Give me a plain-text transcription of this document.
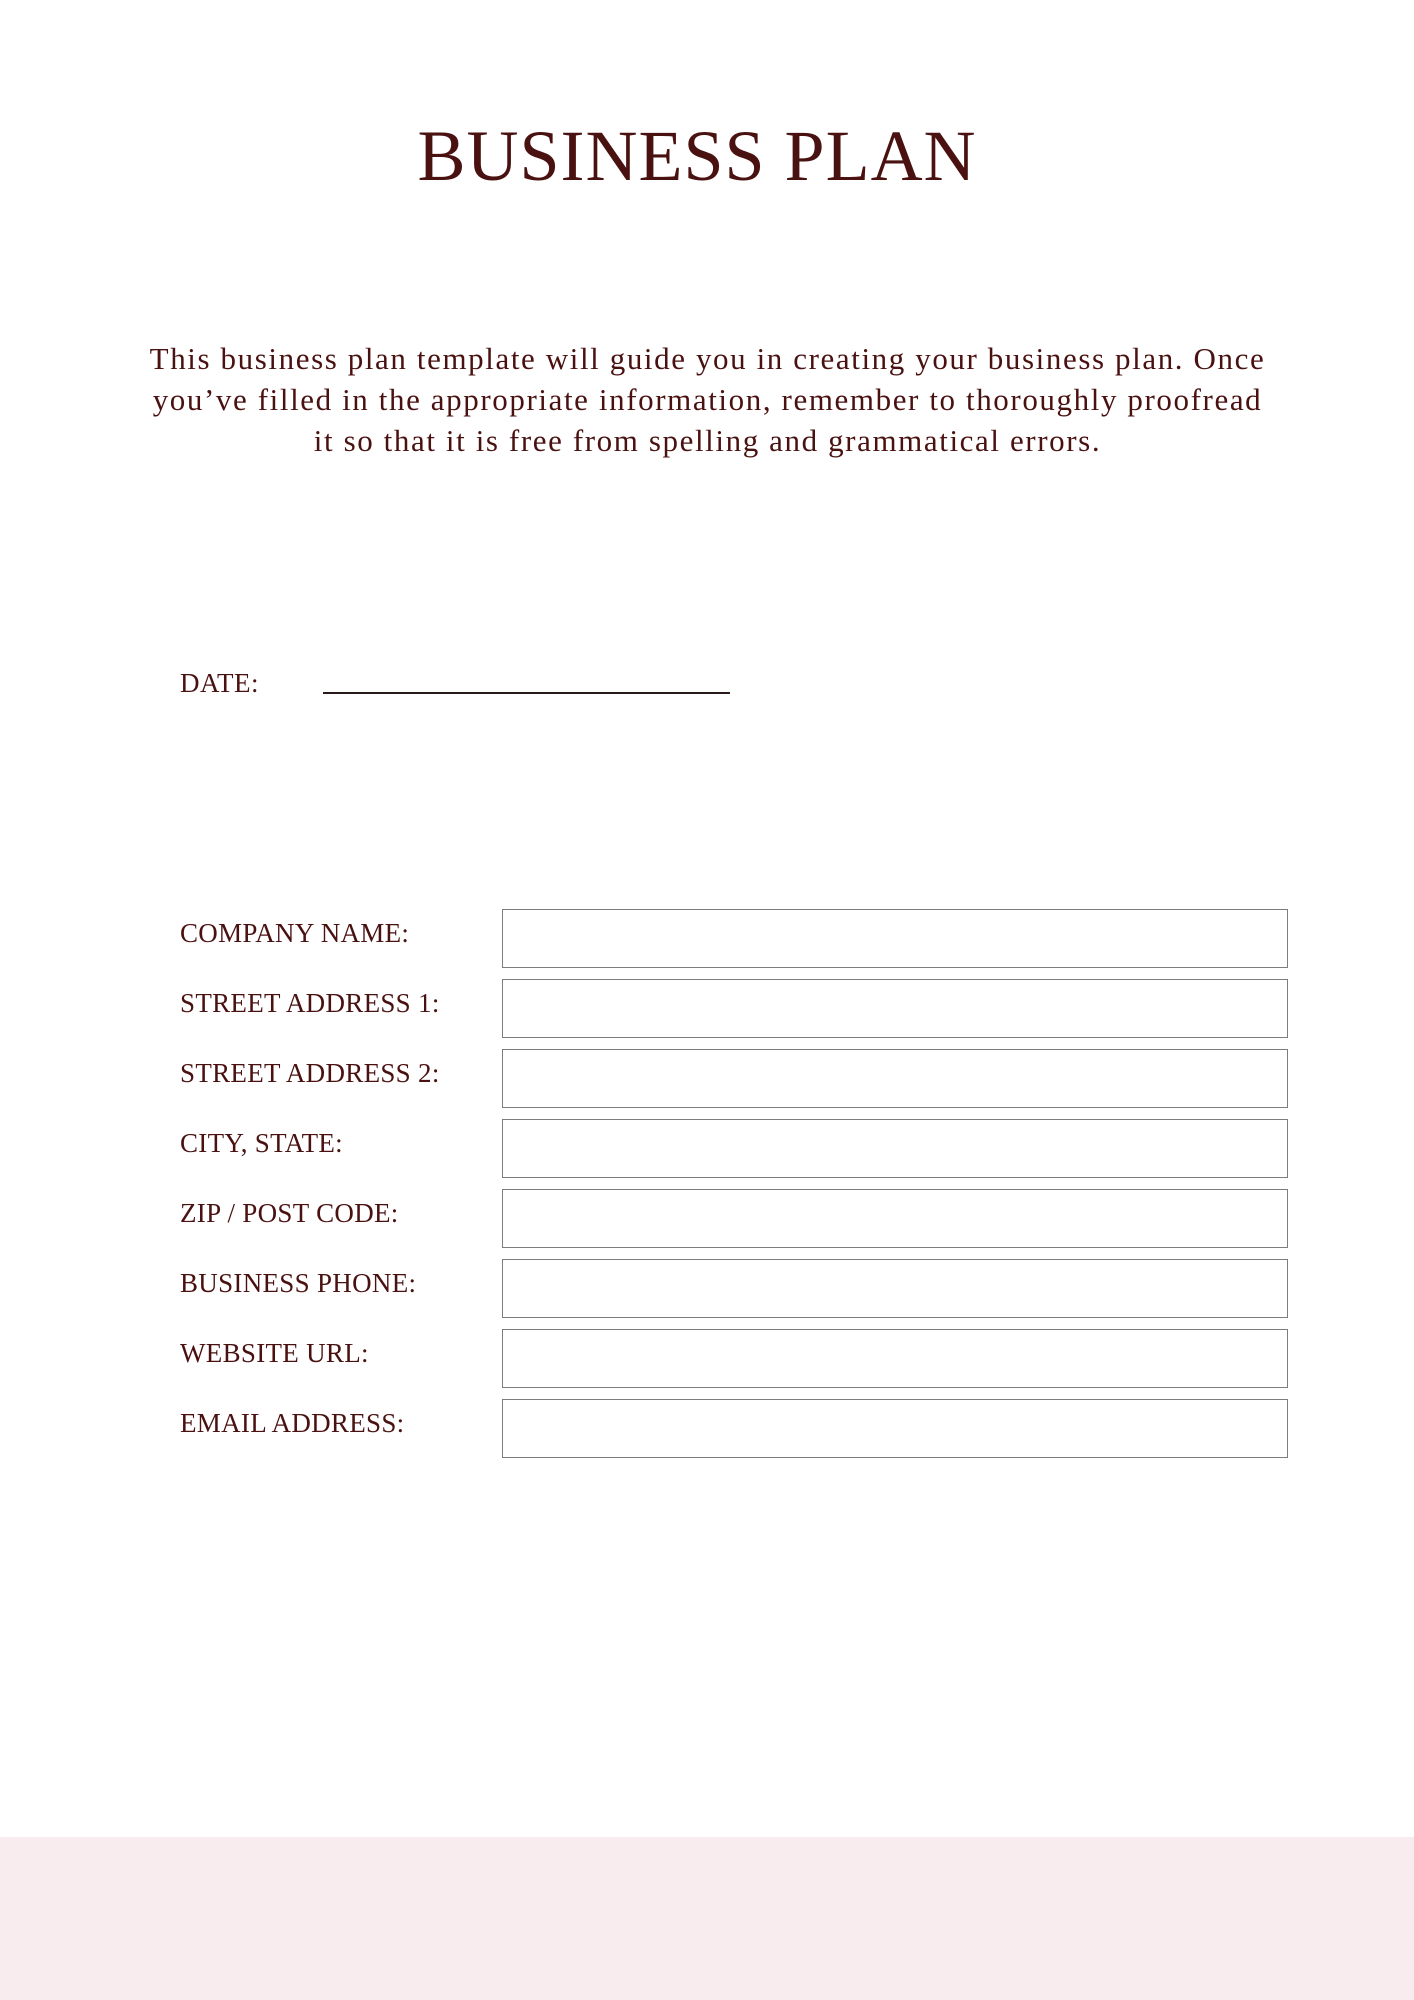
BUSINESS PLAN

This business plan template will guide you in creating your business plan. Once you’ve filled in the appropriate information, remember to thoroughly proofread it so that it is free from spelling and grammatical errors.

DATE:
COMPANY NAME:
STREET ADDRESS 1:
STREET ADDRESS 2:
CITY, STATE:
ZIP / POST CODE:
BUSINESS PHONE:
WEBSITE URL:
EMAIL ADDRESS:
